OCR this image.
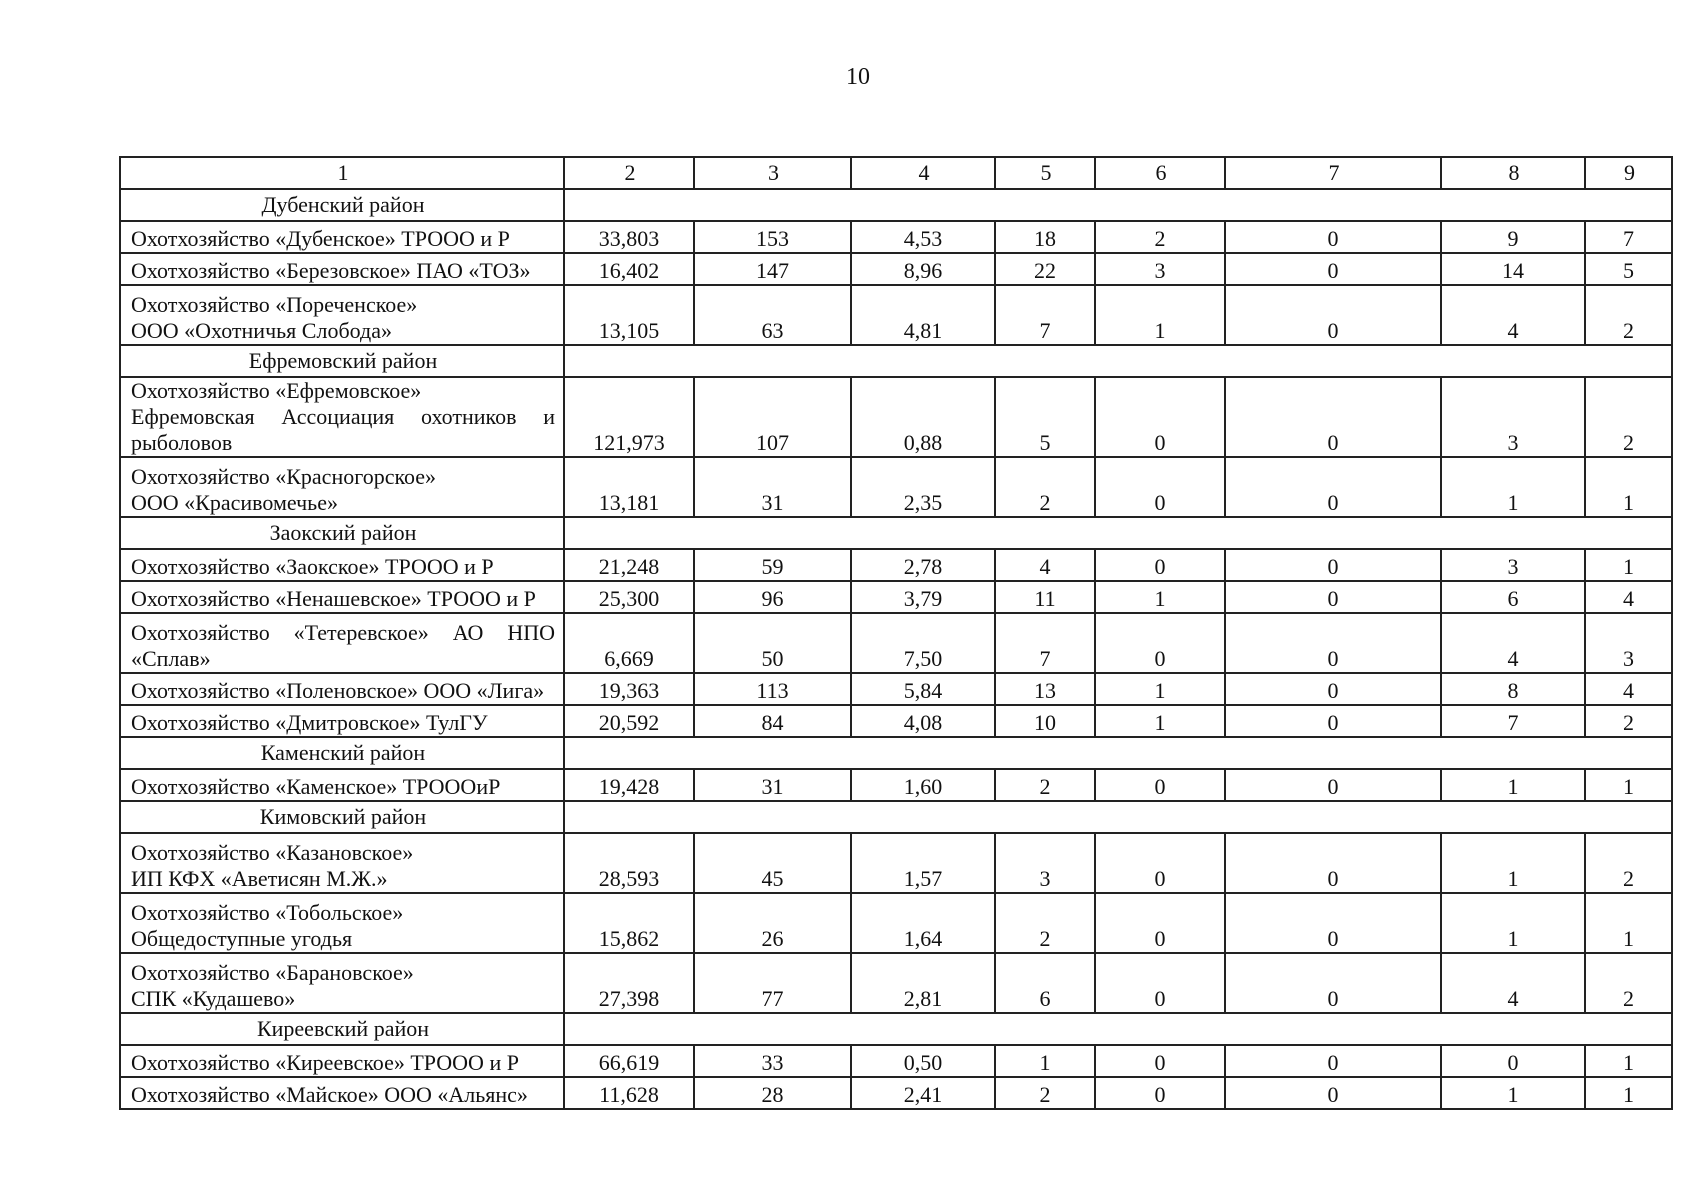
10
1	2	3	4	5	6	7	8	9
Дубенский район								

Охотхозяйство «Дубенское» ТРООО и Р	33,803	153	4,53	18	2	0	9	7

Охотхозяйство «Березовское» ПАО «ТОЗ»	16,402	147	8,96	22	3	0	14	5

Охотхозяйство «Пореченское»
ООО «Охотничья Слобода»	13,105	63	4,81	7	1	0	4	2
Ефремовский район								

Охотхозяйство «Ефремовское»
Ефремовская Ассоциация охотников и рыболовов	121,973	107	0,88	5	0	0	3	2

Охотхозяйство «Красногорское»
ООО «Красивомечье»	13,181	31	2,35	2	0	0	1	1
Заокский район								

Охотхозяйство «Заокское» ТРООО и Р	21,248	59	2,78	4	0	0	3	1

Охотхозяйство «Ненашевское» ТРООО и Р	25,300	96	3,79	11	1	0	6	4

Охотхозяйство «Тетеревское» АО НПО «Сплав»	6,669	50	7,50	7	0	0	4	3

Охотхозяйство «Поленовское» ООО «Лига»	19,363	113	5,84	13	1	0	8	4

Охотхозяйство «Дмитровское» ТулГУ	20,592	84	4,08	10	1	0	7	2
Каменский район								

Охотхозяйство «Каменское» ТРОООиР	19,428	31	1,60	2	0	0	1	1
Кимовский район								

Охотхозяйство «Казановское»
ИП КФХ «Аветисян М.Ж.»	28,593	45	1,57	3	0	0	1	2

Охотхозяйство «Тобольское»
Общедоступные угодья	15,862	26	1,64	2	0	0	1	1

Охотхозяйство «Барановское»
СПК «Кудашево»	27,398	77	2,81	6	0	0	4	2
Киреевский район								

Охотхозяйство «Киреевское» ТРООО и Р	66,619	33	0,50	1	0	0	0	1

Охотхозяйство «Майское» ООО «Альянс»	11,628	28	2,41	2	0	0	1	1
